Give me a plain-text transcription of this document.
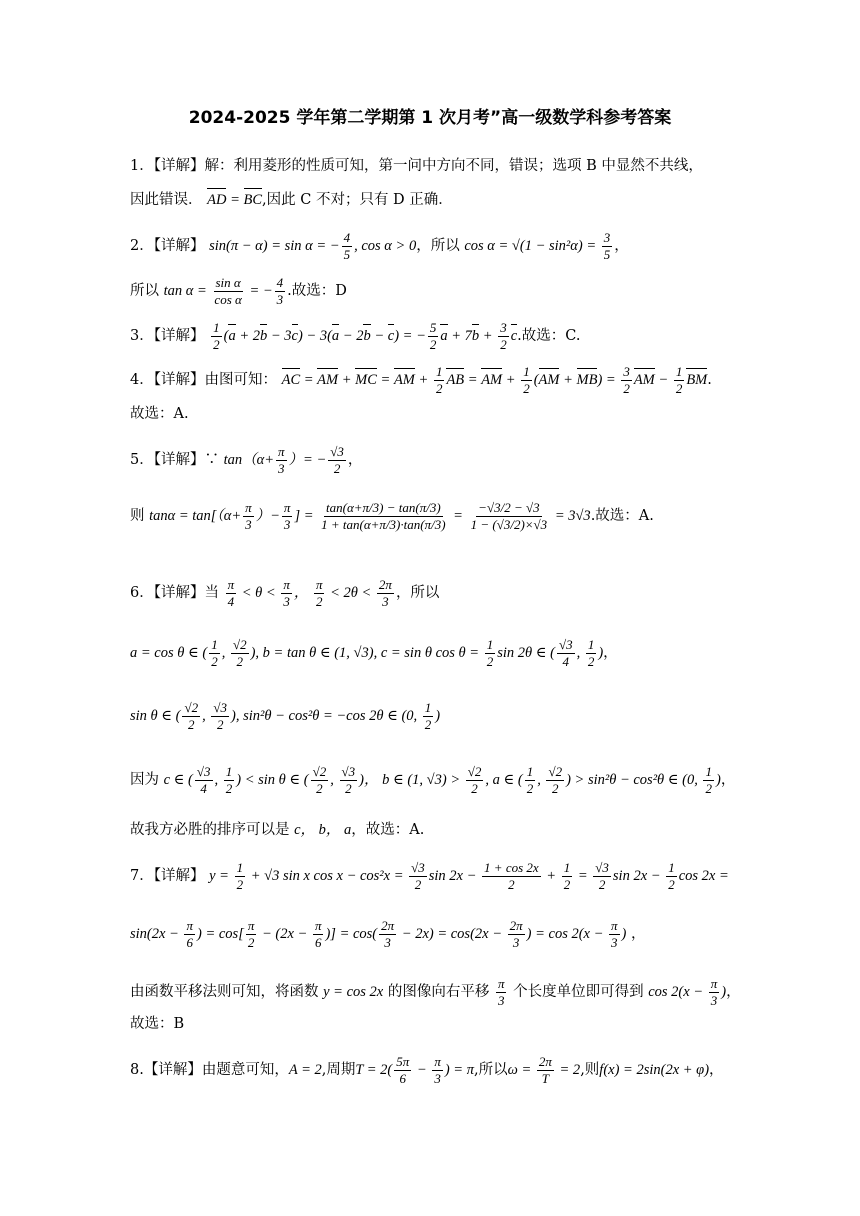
2024-2025 学年第二学期第 1 次月考”高一级数学科参考答案
1．【详解】解：利用菱形的性质可知，第一问中方向不同，错误；选项 B 中显然不共线，
因此错误． AD = BC,因此 C 不对；只有 D 正确．
2．【详解】 sin(π − α) = sin α = − $\frac{4}{5}$ , cos α > 0，所以 $\cos \alpha = √(1 - \sin^2\alpha) = \frac{3}{5}$ ，
所以 $\tan \alpha = \frac{\text{sin α}}{\text{cos α}}$ = − $\frac{4}{3}$ .故选：D
3．【详解】 $\frac{1}{2} (a + 2b - 3c) - 3(a - 2b - c)$ = − $\frac{5}{2}$ $a + 7b + \frac{3}{2} c$.故选：C.
4．【详解】由图可知： AC = AM + MC = AM + $\frac{1}{2}$ AB = AM + $\frac{1}{2} (AM + MB) = \frac{3}{2}$ AM − $\frac{1}{2}$ BM.
故选：A.
5．【详解】∵ $\tan(\alpha+ \frac{\pi}{3}$ ）= − $\frac{√3}{2}$ ，
则 $\tan\alpha = \tan[(\alpha+ \frac{\pi}{3}$ ）− $\frac{\pi}{3}$ ] = $\frac{\tan(\alpha+\pi/3) - \tan(\pi/3)}{1 + \tan(\alpha+\pi/3)\cdot\tan(\pi/3)} = \frac{-√3/2 - √3}{1 - (√3/2)\times√3} = 3√3$.故选：A.
6．【详解】当 $\frac{\pi}{4} < \theta < \frac{\pi}{3}$ ， $\frac{\pi}{2} < 2\theta < \frac{2\pi}{3}$ ，所以
a = cos θ ∈ ( $\frac{1}{2}$ , $\frac{√2}{2}$ ), b = tan θ ∈ (1, √3), c = sin θ $\cos \theta = \frac{1}{2}$ sin 2θ ∈ ( $\frac{√3}{4}$ , $\frac{1}{2}$ )，
sin θ ∈ ( $\frac{√2}{2}$ , $\frac{√3}{2}$ ), sin²θ − cos²θ = −cos 2θ ∈ (0, $\frac{1}{2}$ )
因为 c ∈ ( $\frac{√3}{4}$ , $\frac{1}{2}$ ) < sin θ ∈ ( $\frac{√2}{2}$ , $\frac{√3}{2}$ )， b ∈ (1, $√3) > \frac{√2}{2}$ , a ∈ ( $\frac{1}{2}$ , $\frac{√2}{2}$ ) > sin²θ − cos²θ ∈ (0, $\frac{1}{2}$ )，
故我方必胜的排序可以是 c， b， a，故选：A.
7．【详解】 $y = \frac{1}{2} + √3$ sin x $\cos x - \cos^2x = \frac{√3}{2}$ $\sin 2x - \frac{1 + \cos 2x}{2} + \frac{1}{2} = \frac{√3}{2}$ $\sin 2x - \frac{1}{2}$ cos 2x =
$\sin(2x - \frac{\pi}{6}$ ) = $\cos[ \frac{\pi}{2} - (2x - \frac{\pi}{6}$ )] = $\cos( \frac{2\pi}{3} - 2x) = \cos(2x - \frac{2\pi}{3}$ ) = $\cos 2(x - \frac{\pi}{3}$ ) ，
由函数平移法则可知，将函数 y = cos 2x 的图像向右平移 $\frac{\pi}{3}$ 个长度单位即可得到 $\cos 2(x - \frac{\pi}{3}$ )，
故选：B
8.【详解】由题意可知，A = 2,周期$T = 2( \frac{5\pi}{6} - \frac{\pi}{3}$ ) = π,所以$\omega = \frac{2\pi}{T} = 2$,则f(x) = 2sin(2x + φ)，
